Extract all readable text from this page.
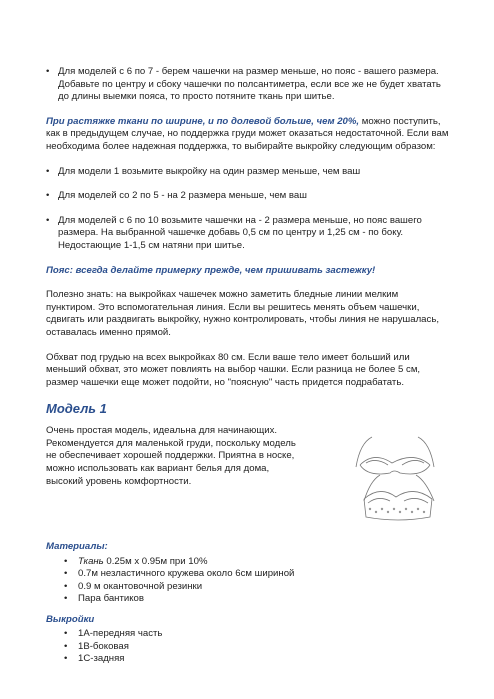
• Для моделей с 6 по 7 - берем чашечки на размер меньше, но пояс - вашего размера. Добавьте по центру и сбоку чашечки по полсантиметра, если все же не будет хватать до длины выемки пояса, то просто потяните ткань при шитье.

При растяжке ткани по ширине, и по долевой больше, чем 20%, можно поступить, как в предыдущем случае, но поддержка груди может оказаться недостаточной. Если вам необходима более надежная поддержка, то выбирайте выкройку следующим образом:

• Для модели 1 возьмите выкройку на один размер меньше, чем ваш
• Для моделей со 2 по 5 - на 2 размера меньше, чем ваш
• Для моделей с 6 по 10 возьмите чашечки на - 2 размера меньше, но пояс вашего размера. На выбранной чашечке добавь 0,5 см по центру и 1,25 см - по боку. Недостающие 1-1,5 см натяни при шитье.

Пояс: всегда делайте примерку прежде, чем пришивать застежку!

Полезно знать: на выкройках чашечек можно заметить бледные линии мелким пунктиром. Это вспомогательная линия. Если вы решитесь менять объем чашечки, сдвигать или раздвигать выкройку, нужно контролировать, чтобы линия не нарушалась, оставалась именно прямой.

Обхват под грудью на всех выкройках 80 см. Если ваше тело имеет больший или меньший обхват, это может повлиять на выбор чашки. Если разница не более 5 см, размер чашечки еще может подойти, но "поясную" часть придется подрабатать.

Модель 1

Очень простая модель, идеальна для начинающих. Рекомендуется для маленькой груди, поскольку модель не обеспечивает хорошей поддержки. Приятна в носке, можно использовать как вариант белья для дома, высокий уровень комфортности.

Материалы:

• Ткань 0.25м x 0.95м при 10%
• 0.7м незластичного кружева около 6см шириной
• 0.9 м окантовочной резинки
• Пара бантиков

Выкройки

• 1А-передняя часть
• 1В-боковая
• 1С-задняя
